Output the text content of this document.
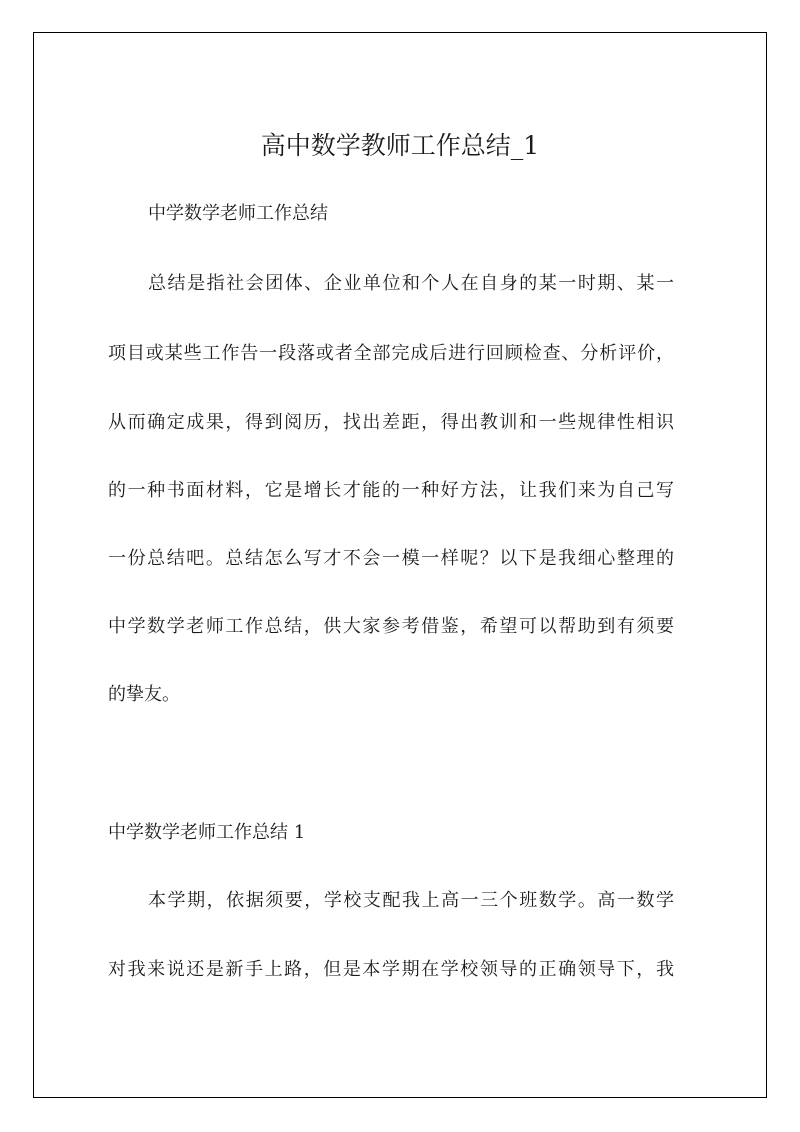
高中数学教师工作总结_1
中学数学老师工作总结
总结是指社会团体、企业单位和个人在自身的某一时期、某一
项目或某些工作告一段落或者全部完成后进行回顾检查、分析评价，
从而确定成果，得到阅历，找出差距，得出教训和一些规律性相识
的一种书面材料，它是增长才能的一种好方法，让我们来为自己写
一份总结吧。总结怎么写才不会一模一样呢？以下是我细心整理的
中学数学老师工作总结，供大家参考借鉴，希望可以帮助到有须要
的挚友。
中学数学老师工作总结 1
本学期，依据须要，学校支配我上高一三个班数学。高一数学
对我来说还是新手上路，但是本学期在学校领导的正确领导下，我
